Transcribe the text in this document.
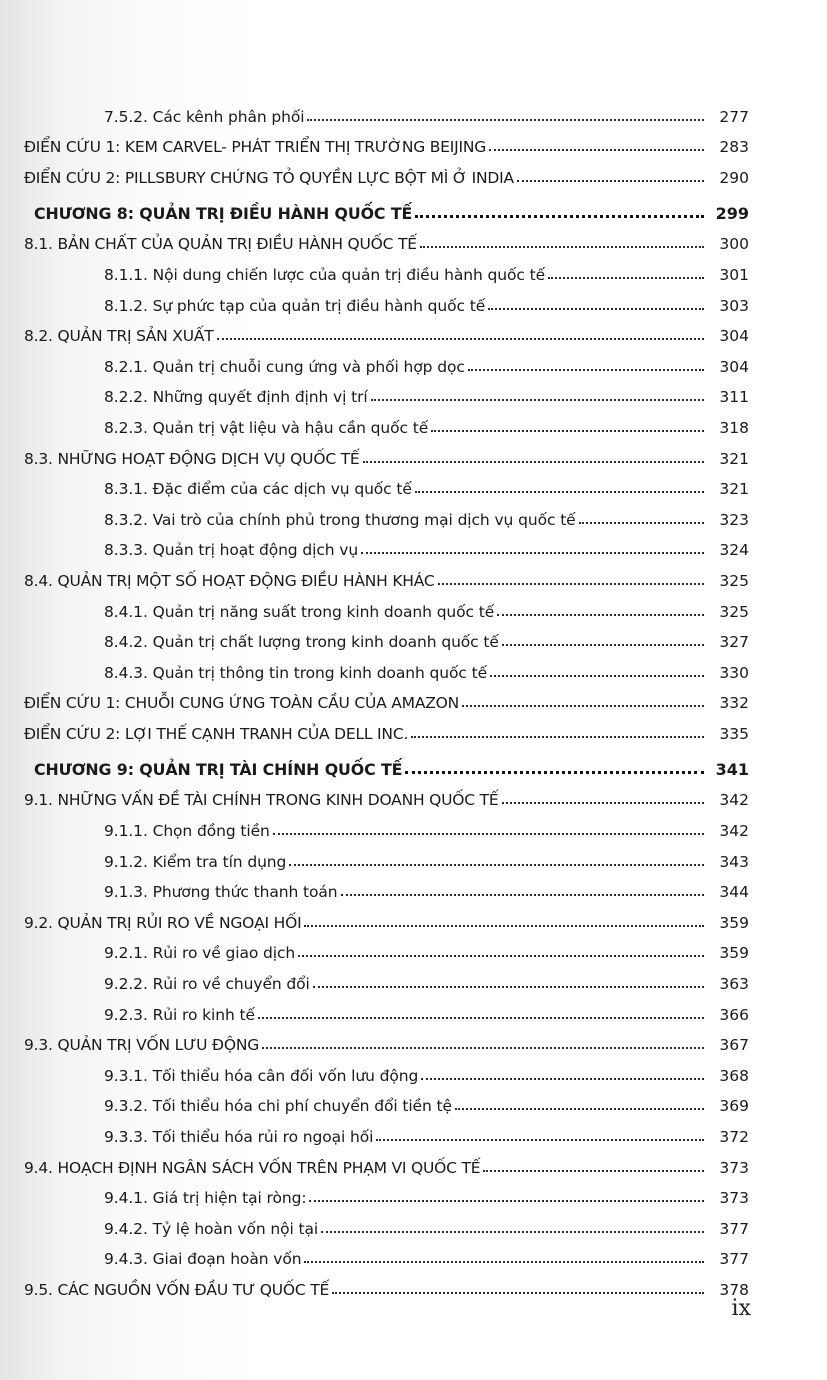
7.5.2. Các kênh phân phối	277
ĐIỂN CỨU 1: KEM CARVEL- PHÁT TRIỂN THỊ TRƯỜNG BEIJING	283
ĐIỂN CỨU 2: PILLSBURY CHỨNG TỎ QUYỀN LỰC BỘT MÌ Ở INDIA	290
CHƯƠNG 8: QUẢN TRỊ ĐIỀU HÀNH QUỐC TẾ	299
8.1. BẢN CHẤT CỦA QUẢN TRỊ ĐIỀU HÀNH QUỐC TẾ	300
8.1.1. Nội dung chiến lược của quản trị điều hành quốc tế	301
8.1.2. Sự phức tạp của quản trị điều hành quốc tế	303
8.2. QUẢN TRỊ SẢN XUẤT	304
8.2.1. Quản trị chuỗi cung ứng và phối hợp dọc	304
8.2.2. Những quyết định định vị trí	311
8.2.3. Quản trị vật liệu và hậu cần quốc tế	318
8.3. NHỮNG HOẠT ĐỘNG DỊCH VỤ QUỐC TẾ	321
8.3.1. Đặc điểm của các dịch vụ quốc tế	321
8.3.2. Vai trò của chính phủ trong thương mại dịch vụ quốc tế	323
8.3.3. Quản trị hoạt động dịch vụ	324
8.4. QUẢN TRỊ MỘT SỐ HOẠT ĐỘNG ĐIỀU HÀNH KHÁC	325
8.4.1. Quản trị năng suất trong kinh doanh quốc tế	325
8.4.2. Quản trị chất lượng trong kinh doanh quốc tế	327
8.4.3. Quản trị thông tin trong kinh doanh quốc tế	330
ĐIỂN CỨU 1: CHUỖI CUNG ỨNG TOÀN CẦU CỦA AMAZON	332
ĐIỂN CỨU 2: LỢI THẾ CẠNH TRANH CỦA DELL INC.	335
CHƯƠNG 9: QUẢN TRỊ TÀI CHÍNH QUỐC TẾ	341
9.1. NHỮNG VẤN ĐỀ TÀI CHÍNH TRONG KINH DOANH QUỐC TẾ	342
9.1.1. Chọn đồng tiền	342
9.1.2. Kiểm tra tín dụng	343
9.1.3. Phương thức thanh toán	344
9.2. QUẢN TRỊ RỦI RO VỀ NGOẠI HỐI	359
9.2.1. Rủi ro về giao dịch	359
9.2.2. Rủi ro về chuyển đổi	363
9.2.3. Rủi ro kinh tế	366
9.3. QUẢN TRỊ VỐN LƯU ĐỘNG	367
9.3.1. Tối thiểu hóa cân đối vốn lưu động	368
9.3.2. Tối thiểu hóa chi phí chuyển đổi tiền tệ	369
9.3.3. Tối thiểu hóa rủi ro ngoại hối	372
9.4. HOẠCH ĐỊNH NGÂN SÁCH VỐN TRÊN PHẠM VI QUỐC TẾ	373
9.4.1. Giá trị hiện tại ròng:	373
9.4.2. Tỷ lệ hoàn vốn nội tại	377
9.4.3. Giai đoạn hoàn vốn	377
9.5. CÁC NGUỒN VỐN ĐẦU TƯ QUỐC TẾ	378
ix
